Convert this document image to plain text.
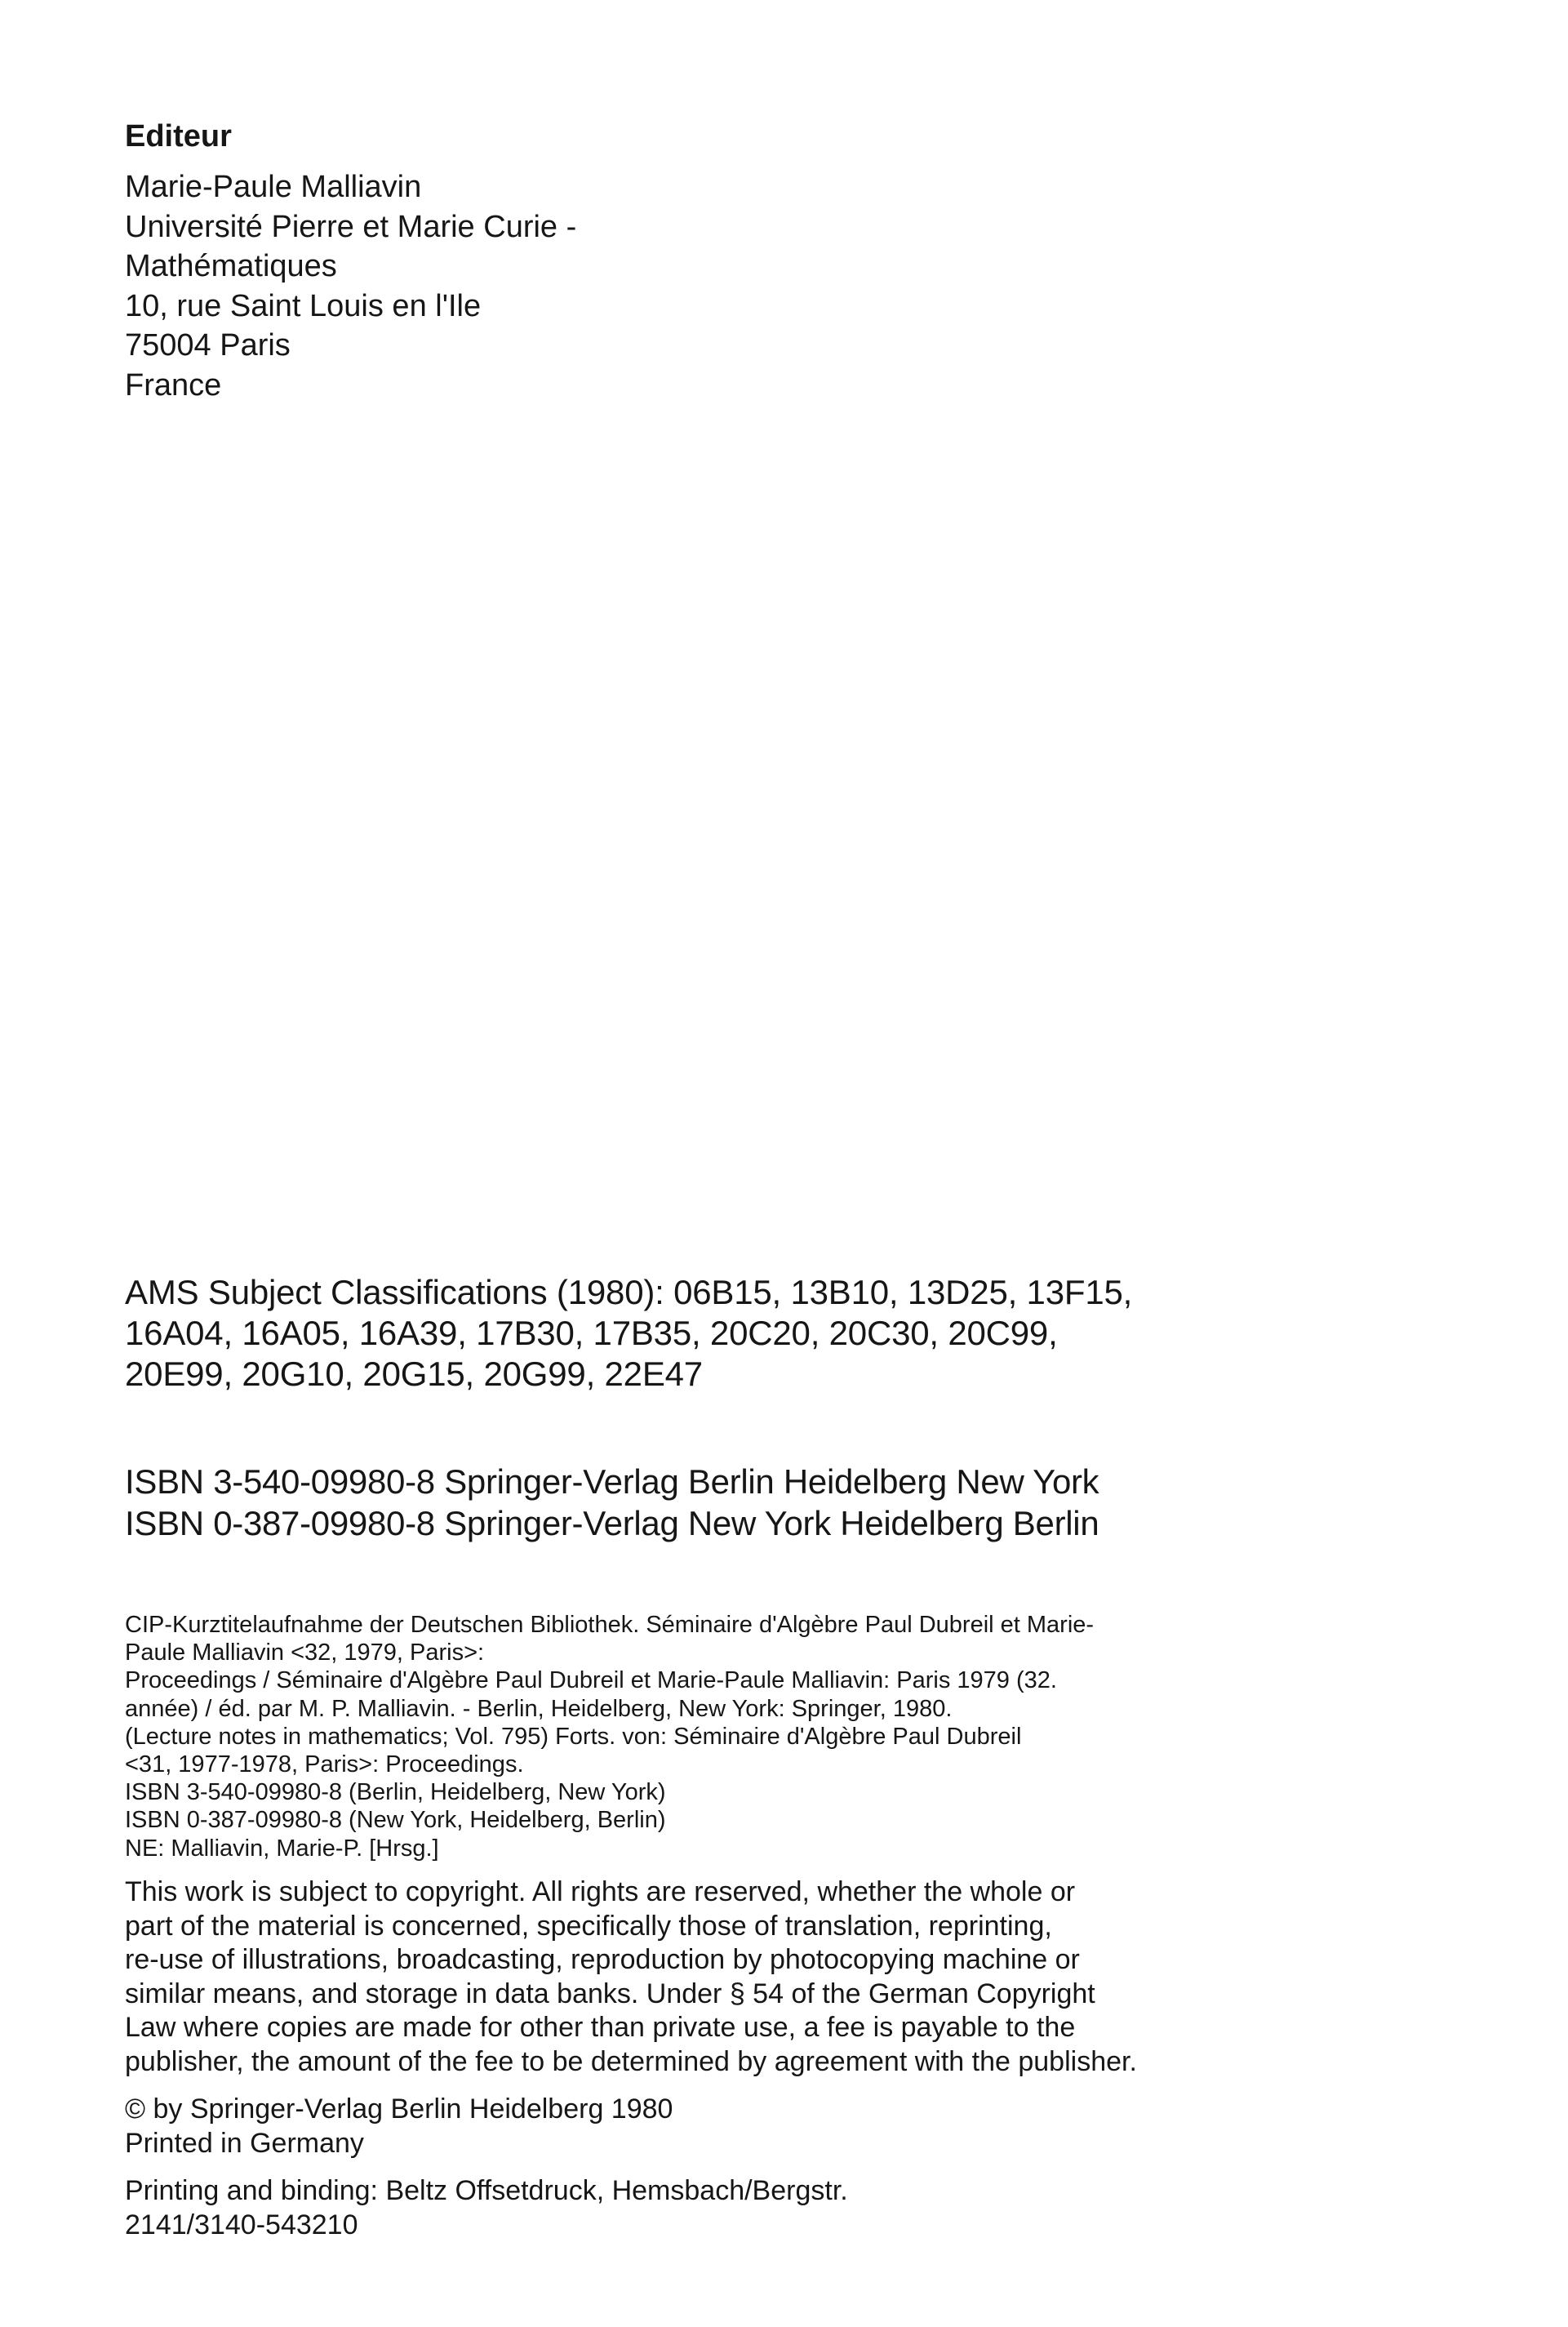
Editeur
Marie-Paule Malliavin
Université Pierre et Marie Curie -
Mathématiques
10, rue Saint Louis en l'Ile
75004 Paris
France
AMS Subject Classifications (1980): 06B15, 13B10, 13D25, 13F15,
16A04, 16A05, 16A39, 17B30, 17B35, 20C20, 20C30, 20C99,
20E99, 20G10, 20G15, 20G99, 22E47
ISBN 3-540-09980-8 Springer-Verlag Berlin Heidelberg New York
ISBN 0-387-09980-8 Springer-Verlag New York Heidelberg Berlin
CIP-Kurztitelaufnahme der Deutschen Bibliothek. Séminaire d'Algèbre Paul Dubreil et Marie-
Paule Malliavin <32, 1979, Paris>:
Proceedings / Séminaire d'Algèbre Paul Dubreil et Marie-Paule Malliavin: Paris 1979 (32.
année) / éd. par M. P. Malliavin. - Berlin, Heidelberg, New York: Springer, 1980.
(Lecture notes in mathematics; Vol. 795) Forts. von: Séminaire d'Algèbre Paul Dubreil
<31, 1977-1978, Paris>: Proceedings.
ISBN 3-540-09980-8 (Berlin, Heidelberg, New York)
ISBN 0-387-09980-8 (New York, Heidelberg, Berlin)
NE: Malliavin, Marie-P. [Hrsg.]
This work is subject to copyright. All rights are reserved, whether the whole or
part of the material is concerned, specifically those of translation, reprinting,
re-use of illustrations, broadcasting, reproduction by photocopying machine or
similar means, and storage in data banks. Under § 54 of the German Copyright
Law where copies are made for other than private use, a fee is payable to the
publisher, the amount of the fee to be determined by agreement with the publisher.
© by Springer-Verlag Berlin Heidelberg 1980
Printed in Germany
Printing and binding: Beltz Offsetdruck, Hemsbach/Bergstr.
2141/3140-543210
